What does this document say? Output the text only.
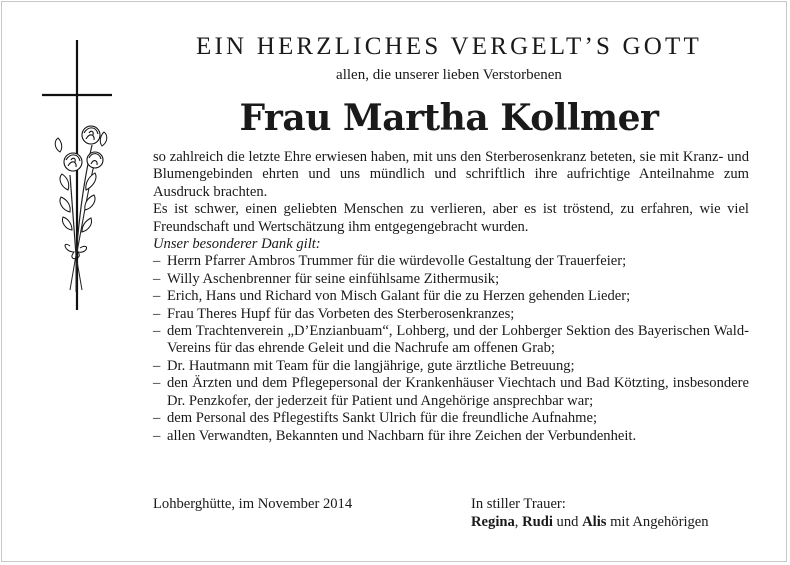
EIN HERZLICHES VERGELT’S GOTT
allen, die unserer lieben Verstorbenen
Frau Martha Kollmer

so zahlreich die letzte Ehre erwiesen haben, mit uns den Sterberosenkranz beteten, sie mit Kranz- und Blumengebinden ehrten und uns mündlich und schriftlich ihre aufrichtige Anteilnahme zum Ausdruck brachten.

Es ist schwer, einen geliebten Menschen zu verlieren, aber es ist tröstend, zu erfahren, wie viel Freundschaft und Wertschätzung ihm entgegengebracht wurden.

Unser besonderer Dank gilt:

– Herrn Pfarrer Ambros Trummer für die würdevolle Gestaltung der Trauerfeier;
– Willy Aschenbrenner für seine einfühlsame Zithermusik;
– Erich, Hans und Richard von Misch Galant für die zu Herzen gehenden Lieder;
– Frau Theres Hupf für das Vorbeten des Sterberosenkranzes;
– dem Trachtenverein „D’Enzianbuam“, Lohberg, und der Lohberger Sektion des Bayerischen Wald-Vereins für das ehrende Geleit und die Nachrufe am offenen Grab;
– Dr. Hautmann mit Team für die langjährige, gute ärztliche Betreuung;
– den Ärzten und dem Pflegepersonal der Krankenhäuser Viechtach und Bad Kötzting, insbesondere Dr. Penzkofer, der jederzeit für Patient und Angehörige ansprechbar war;
– dem Personal des Pflegestifts Sankt Ulrich für die freundliche Aufnahme;
– allen Verwandten, Bekannten und Nachbarn für ihre Zeichen der Verbundenheit.
Lohberghütte, im November 2014	In stiller Trauer:
Regina, Rudi und Alis mit Angehörigen
